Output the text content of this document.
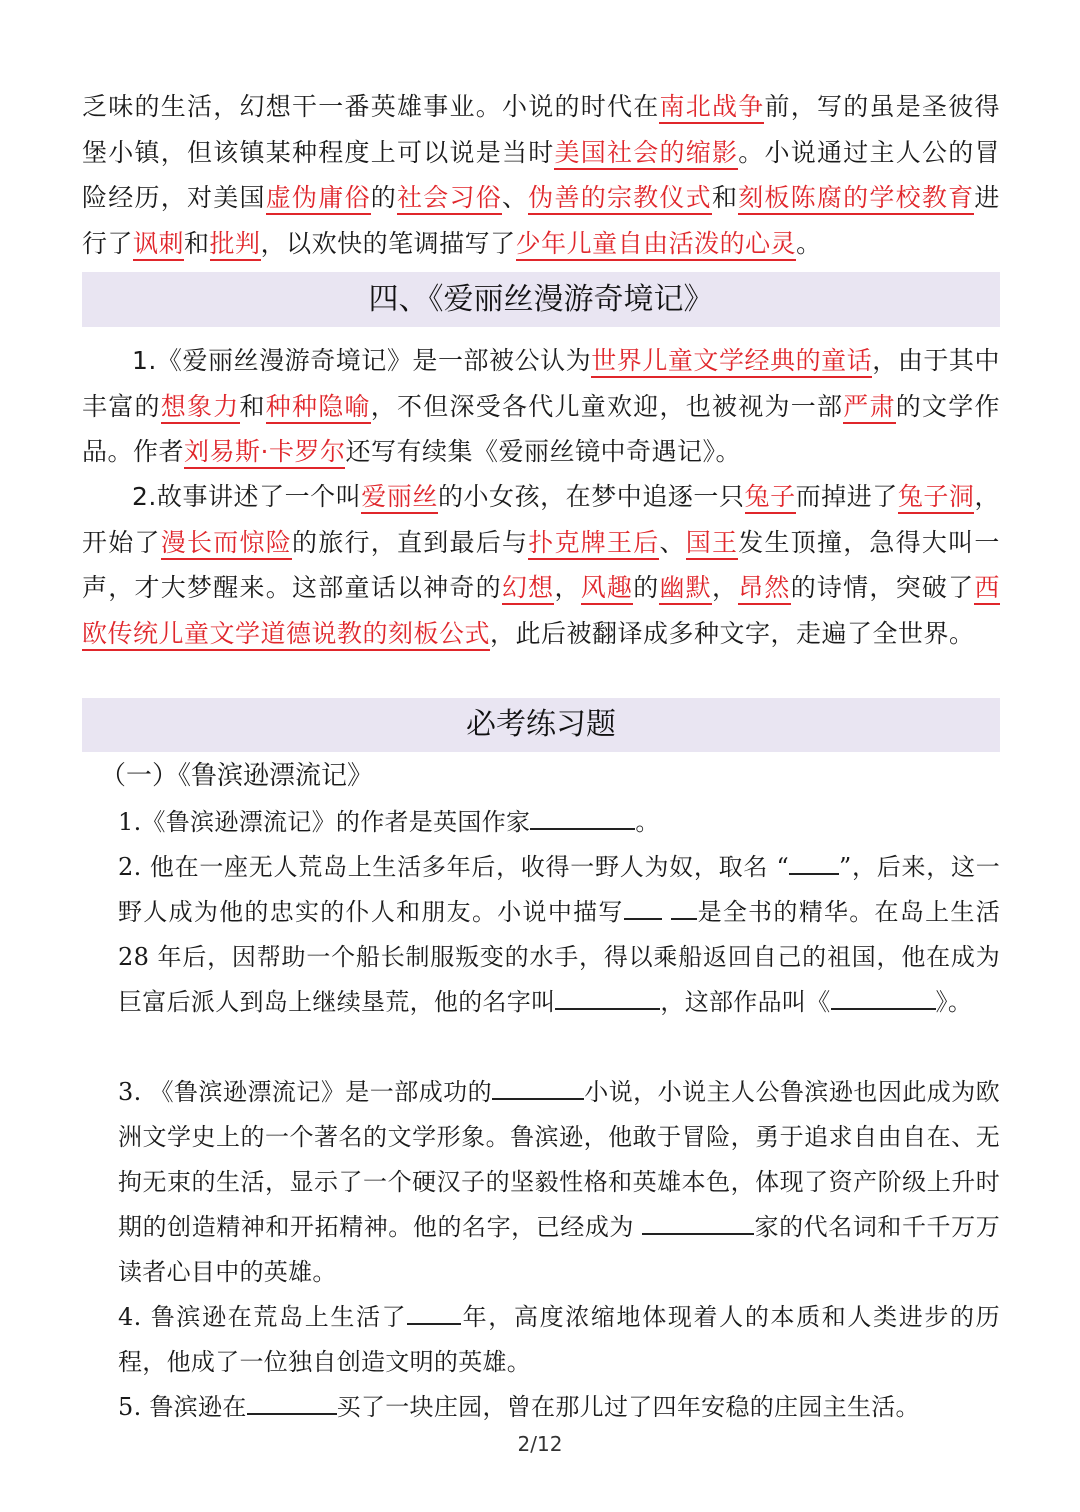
乏味的生活，幻想干一番英雄事业。小说的时代在南北战争前，写的虽是圣彼得堡小镇，但该镇某种程度上可以说是当时美国社会的缩影。小说通过主人公的冒险经历，对美国虚伪庸俗的社会习俗、伪善的宗教仪式和刻板陈腐的学校教育进行了讽刺和批判，以欢快的笔调描写了少年儿童自由活泼的心灵。

四、《爱丽丝漫游奇境记》

1.《爱丽丝漫游奇境记》是一部被公认为世界儿童文学经典的童话，由于其中丰富的想象力和种种隐喻，不但深受各代儿童欢迎，也被视为一部严肃的文学作品。作者刘易斯·卡罗尔还写有续集《爱丽丝镜中奇遇记》。

2.故事讲述了一个叫爱丽丝的小女孩，在梦中追逐一只兔子而掉进了兔子洞，开始了漫长而惊险的旅行，直到最后与扑克牌王后、国王发生顶撞，急得大叫一声，才大梦醒来。这部童话以神奇的幻想，风趣的幽默，昂然的诗情，突破了西欧传统儿童文学道德说教的刻板公式，此后被翻译成多种文字，走遍了全世界。

必考练习题

（一）《鲁滨逊漂流记》

1.《鲁滨逊漂流记》的作者是英国作家	。

2. 他在一座无人荒岛上生活多年后，收得一野人为奴，取名 “ ”，后来，这一野人成为他的忠实的仆人和朋友。小说中描写	是全书的精华。在岛上生活 28 年后，因帮助一个船长制服叛变的水手，得以乘船返回自己的祖国，他在成为巨富后派人到岛上继续垦荒，他的名字叫	，这部作品叫《	》。

3. 《鲁滨逊漂流记》是一部成功的	小说，小说主人公鲁滨逊也因此成为欧洲文学史上的一个著名的文学形象。鲁滨逊，他敢于冒险，勇于追求自由自在、无拘无束的生活，显示了一个硬汉子的坚毅性格和英雄本色，体现了资产阶级上升时期的创造精神和开拓精神。他的名字，已经成为	家的代名词和千千万万读者心目中的英雄。

4. 鲁滨逊在荒岛上生活了 年，高度浓缩地体现着人的本质和人类进步的历程，他成了一位独自创造文明的英雄。

5. 鲁滨逊在	买了一块庄园，曾在那儿过了四年安稳的庄园主生活。

2/12
